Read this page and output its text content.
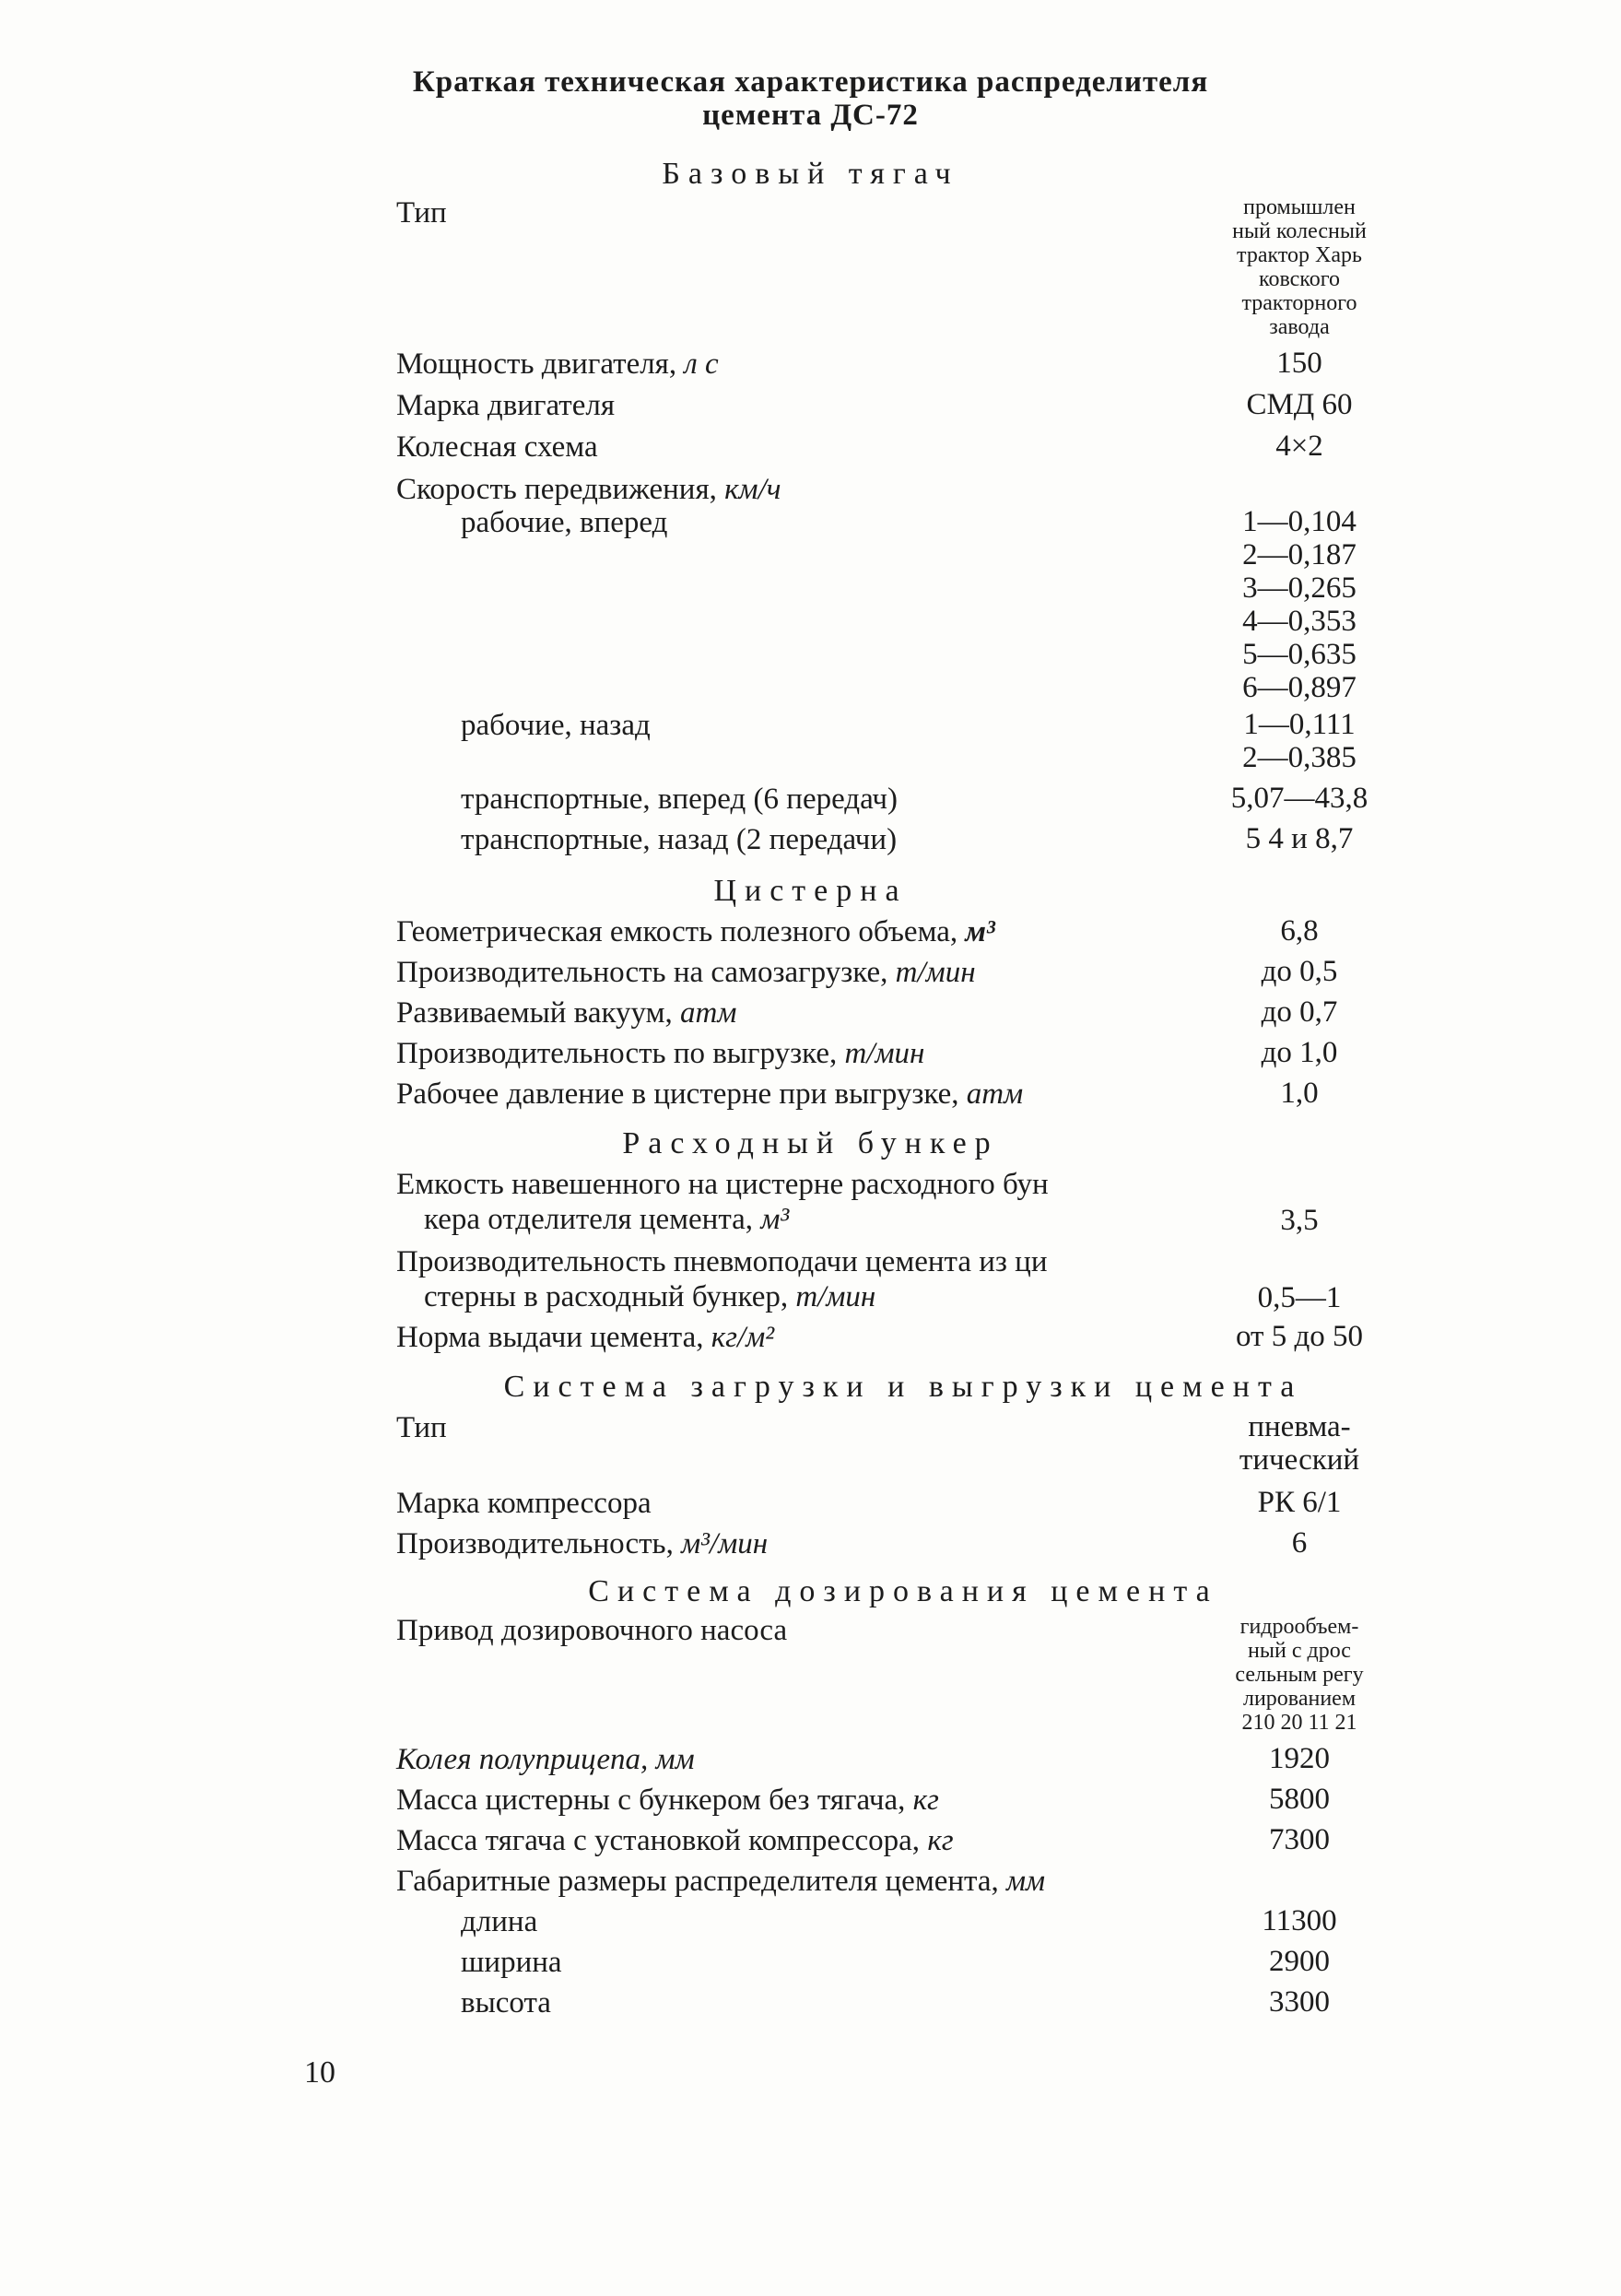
Краткая техническая характеристика распределителя
цемента ДС-72
Базовый тягач
Тип	промышлен
ный колесный
трактор Харь
ковского
тракторного
завода
Мощность двигателя, л с	150
Марка двигателя	СМД 60
Колесная схема	4×2
Скорость передвижения, км/ч
рабочие, вперед	1—0,104
2—0,187
3—0,265
4—0,353
5—0,635
6—0,897
рабочие, назад	1—0,111
2—0,385
транспортные, вперед (6 передач)	5,07—43,8
транспортные, назад (2 передачи)	5 4 и 8,7
Цистерна
Геометрическая емкость полезного объема, м³	6,8
Производительность на самозагрузке, т/мин	до 0,5
Развиваемый вакуум, атм	до 0,7
Производительность по выгрузке, т/мин	до 1,0
Рабочее давление в цистерне при выгрузке, атм	1,0
Расходный бункер
Емкость навешенного на цистерне расходного бун
кера отделителя цемента, м³	3,5
Производительность пневмоподачи цемента из ци
стерны в расходный бункер, т/мин	0,5—1
Норма выдачи цемента, кг/м²	от 5 до 50
Система загрузки и выгрузки цемента
Тип	пневма-
тический
Марка компрессора	РК 6/1
Производительность, м³/мин	6
Система дозирования цемента
Привод дозировочного насоса	гидрообъем-
ный с дрос
сельным регу
лированием
210 20 11 21
Колея полуприцепа, мм	1920
Масса цистерны с бункером без тягача, кг	5800
Масса тягача с установкой компрессора, кг	7300
Габаритные размеры распределителя цемента, мм
длина	11300
ширина	2900
высота	3300
10
